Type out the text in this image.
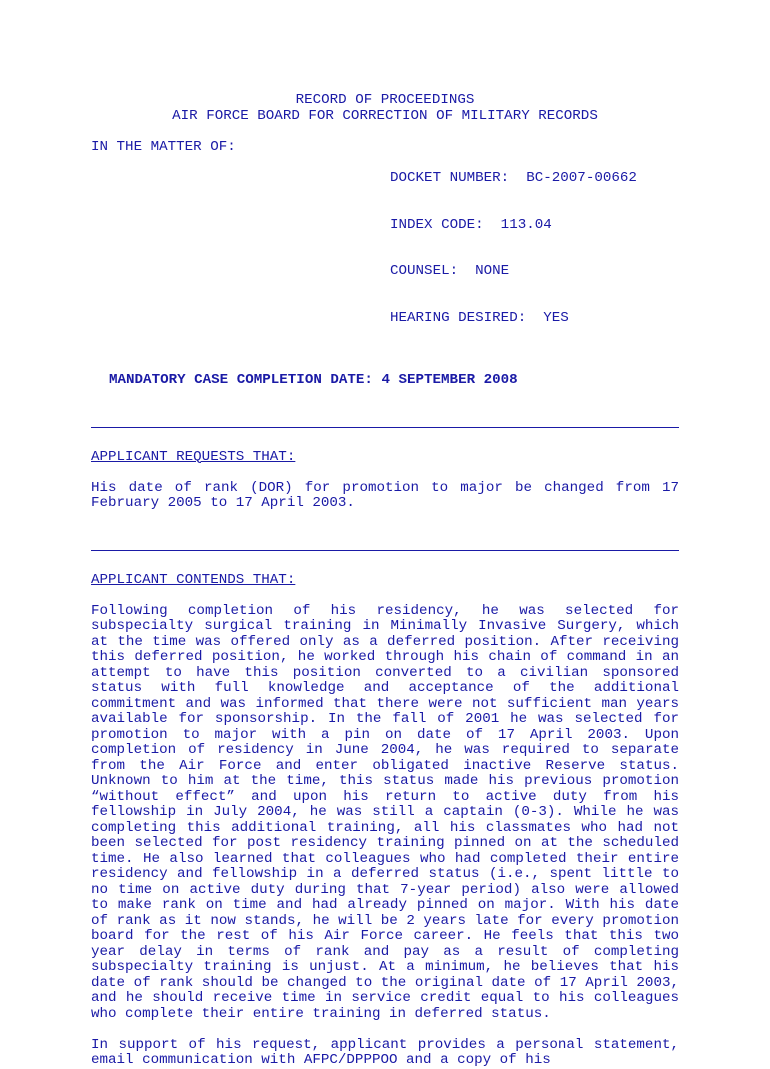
RECORD OF PROCEEDINGS
AIR FORCE BOARD FOR CORRECTION OF MILITARY RECORDS
IN THE MATTER OF:

DOCKET NUMBER:  BC-2007-00662

INDEX CODE:  113.04

COUNSEL:  NONE

HEARING DESIRED:  YES

MANDATORY CASE COMPLETION DATE: 4 SEPTEMBER 2008
APPLICANT REQUESTS THAT:
His date of rank (DOR) for promotion to major be changed from 17 February 2005 to 17 April 2003.
APPLICANT CONTENDS THAT:
Following completion of his residency, he was selected for subspecialty surgical training in Minimally Invasive Surgery, which at the time was offered only as a deferred position. After receiving this deferred position, he worked through his chain of command in an attempt to have this position converted to a civilian sponsored status with full knowledge and acceptance of the additional commitment and was informed that there were not sufficient man years available for sponsorship. In the fall of 2001 he was selected for promotion to major with a pin on date of 17 April 2003. Upon completion of residency in June 2004, he was required to separate from the Air Force and enter obligated inactive Reserve status. Unknown to him at the time, this status made his previous promotion “without effect” and upon his return to active duty from his fellowship in July 2004, he was still a captain (0-3). While he was completing this additional training, all his classmates who had not been selected for post residency training pinned on at the scheduled time. He also learned that colleagues who had completed their entire residency and fellowship in a deferred status (i.e., spent little to no time on active duty during that 7-year period) also were allowed to make rank on time and had already pinned on major. With his date of rank as it now stands, he will be 2 years late for every promotion board for the rest of his Air Force career. He feels that this two year delay in terms of rank and pay as a result of completing subspecialty training is unjust. At a minimum, he believes that his date of rank should be changed to the original date of 17 April 2003, and he should receive time in service credit equal to his colleagues who complete their entire training in deferred status.
In support of his request, applicant provides a personal statement, email communication with AFPC/DPPPOO and a copy of his
